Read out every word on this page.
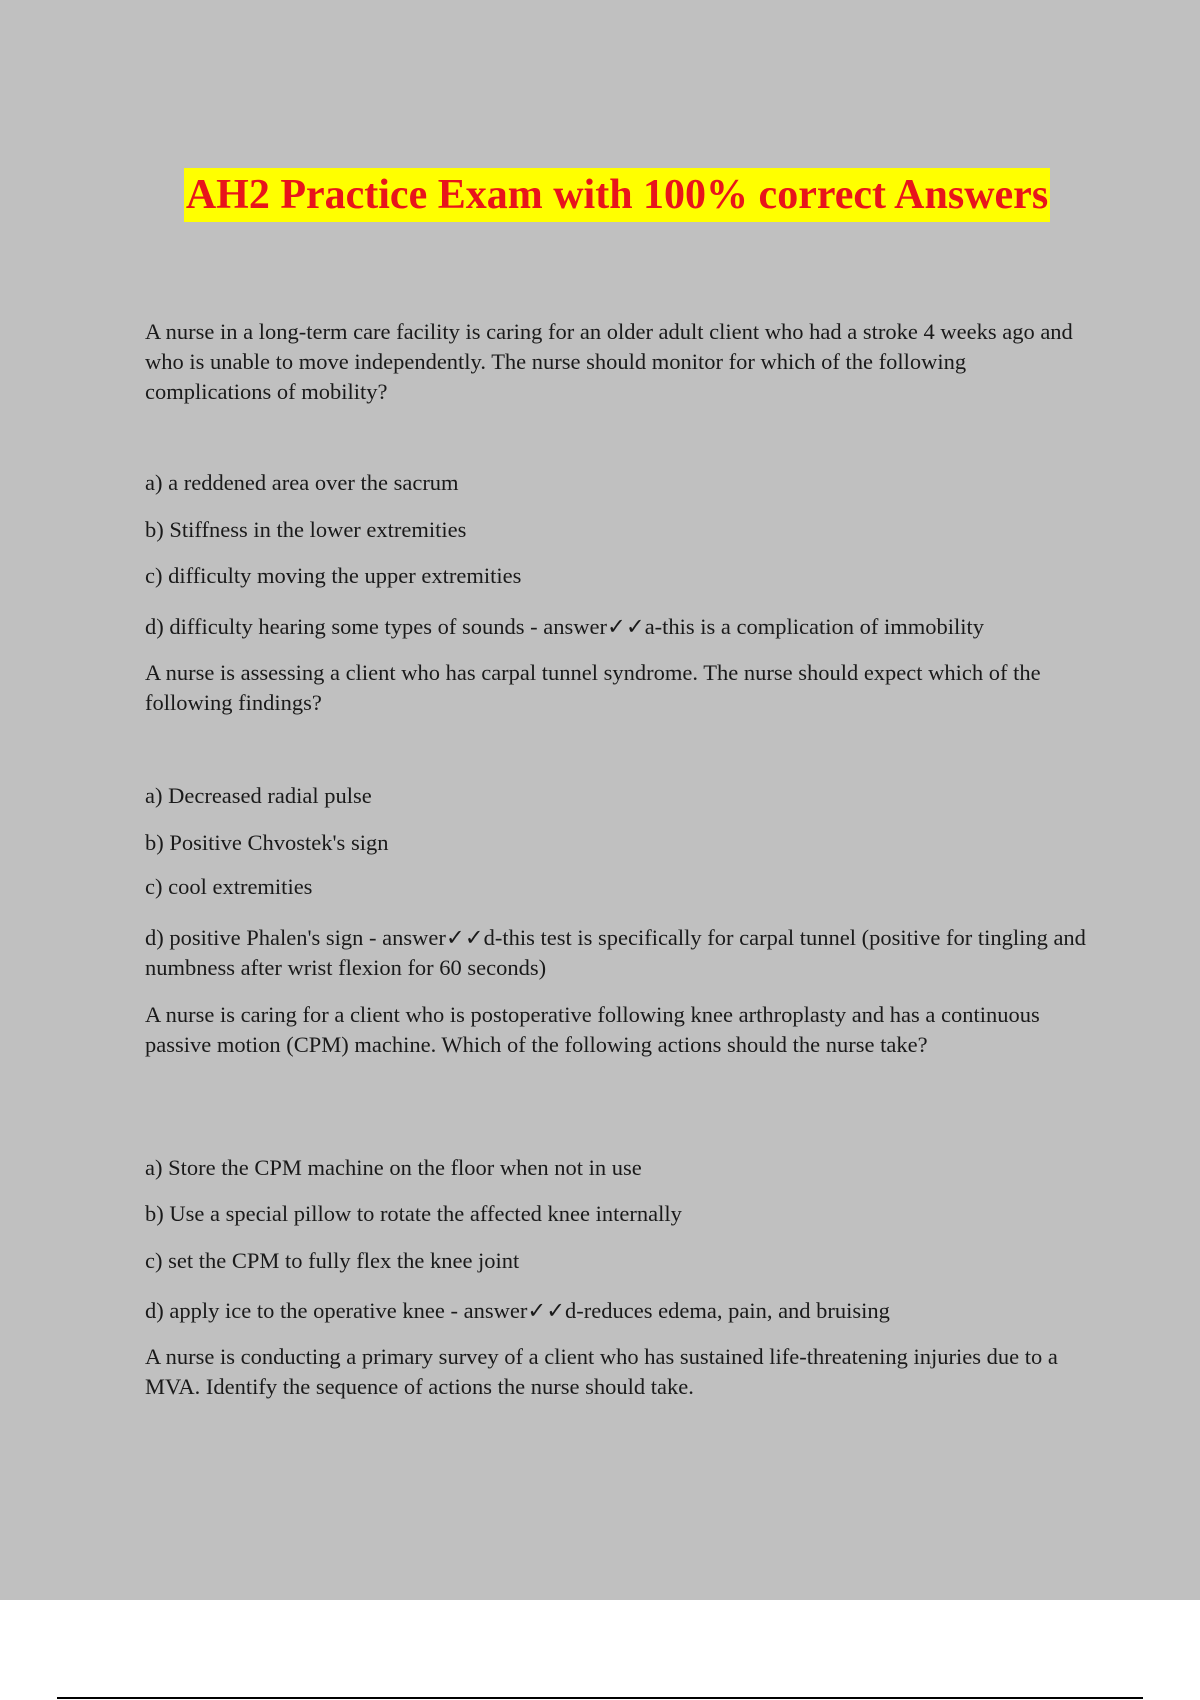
AH2 Practice Exam with 100% correct Answers
A nurse in a long-term care facility is caring for an older adult client who had a stroke 4 weeks ago and who is unable to move independently. The nurse should monitor for which of the following complications of mobility?
a) a reddened area over the sacrum
b) Stiffness in the lower extremities
c) difficulty moving the upper extremities
d) difficulty hearing some types of sounds - answer✓✓a-this is a complication of immobility
A nurse is assessing a client who has carpal tunnel syndrome. The nurse should expect which of the following findings?
a) Decreased radial pulse
b) Positive Chvostek's sign
c) cool extremities
d) positive Phalen's sign - answer✓✓d-this test is specifically for carpal tunnel (positive for tingling and numbness after wrist flexion for 60 seconds)
A nurse is caring for a client who is postoperative following knee arthroplasty and has a continuous passive motion (CPM) machine. Which of the following actions should the nurse take?
a) Store the CPM machine on the floor when not in use
b) Use a special pillow to rotate the affected knee internally
c) set the CPM to fully flex the knee joint
d) apply ice to the operative knee - answer✓✓d-reduces edema, pain, and bruising
A nurse is conducting a primary survey of a client who has sustained life-threatening injuries due to a MVA. Identify the sequence of actions the nurse should take.
